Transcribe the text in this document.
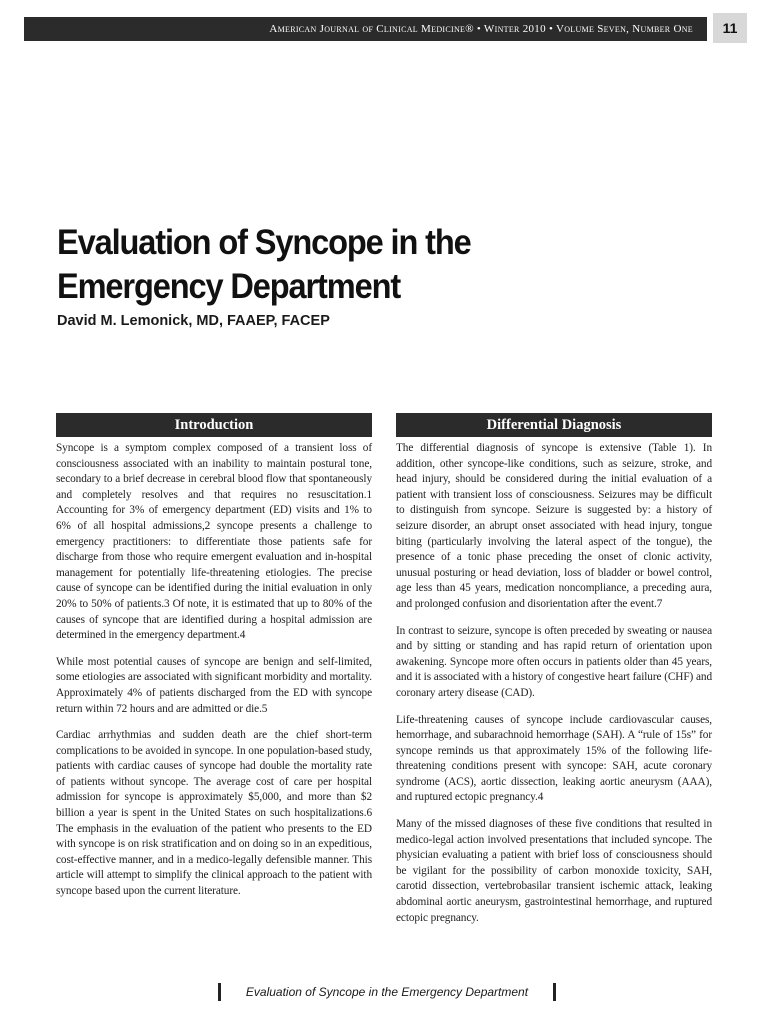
American Journal of Clinical Medicine® • Winter 2010 • Volume Seven, Number One	11
Evaluation of Syncope in the
Emergency Department
David M. Lemonick, MD, FAAEP, FACEP
Introduction

Syncope is a symptom complex composed of a transient loss of consciousness associated with an inability to maintain postural tone, secondary to a brief decrease in cerebral blood flow that spontaneously and completely resolves and that requires no resuscitation.1 Accounting for 3% of emergency department (ED) visits and 1% to 6% of all hospital admissions,2 syncope presents a challenge to emergency practitioners: to differentiate those patients safe for discharge from those who require emergent evaluation and in-hospital management for potentially life-threatening etiologies. The precise cause of syncope can be identified during the initial evaluation in only 20% to 50% of patients.3 Of note, it is estimated that up to 80% of the causes of syncope that are identified during a hospital admission are determined in the emergency department.4

While most potential causes of syncope are benign and self-limited, some etiologies are associated with significant morbidity and mortality. Approximately 4% of patients discharged from the ED with syncope return within 72 hours and are admitted or die.5

Cardiac arrhythmias and sudden death are the chief short-term complications to be avoided in syncope. In one population-based study, patients with cardiac causes of syncope had double the mortality rate of patients without syncope. The average cost of care per hospital admission for syncope is approximately $5,000, and more than $2 billion a year is spent in the United States on such hospitalizations.6 The emphasis in the evaluation of the patient who presents to the ED with syncope is on risk stratification and on doing so in an expeditious, cost-effective manner, and in a medico-legally defensible manner. This article will attempt to simplify the clinical approach to the patient with syncope based upon the current literature.

Differential Diagnosis

The differential diagnosis of syncope is extensive (Table 1). In addition, other syncope-like conditions, such as seizure, stroke, and head injury, should be considered during the initial evaluation of a patient with transient loss of consciousness. Seizures may be difficult to distinguish from syncope. Seizure is suggested by: a history of seizure disorder, an abrupt onset associated with head injury, tongue biting (particularly involving the lateral aspect of the tongue), the presence of a tonic phase preceding the onset of clonic activity, unusual posturing or head deviation, loss of bladder or bowel control, age less than 45 years, medication noncompliance, a preceding aura, and prolonged confusion and disorientation after the event.7

In contrast to seizure, syncope is often preceded by sweating or nausea and by sitting or standing and has rapid return of orientation upon awakening. Syncope more often occurs in patients older than 45 years, and it is associated with a history of congestive heart failure (CHF) and coronary artery disease (CAD).

Life-threatening causes of syncope include cardiovascular causes, hemorrhage, and subarachnoid hemorrhage (SAH). A “rule of 15s” for syncope reminds us that approximately 15% of the following life-threatening conditions present with syncope: SAH, acute coronary syndrome (ACS), aortic dissection, leaking aortic aneurysm (AAA), and ruptured ectopic pregnancy.4

Many of the missed diagnoses of these five conditions that resulted in medico-legal action involved presentations that included syncope. The physician evaluating a patient with brief loss of consciousness should be vigilant for the possibility of carbon monoxide toxicity, SAH, carotid dissection, vertebrobasilar transient ischemic attack, leaking abdominal aortic aneurysm, gastrointestinal hemorrhage, and ruptured ectopic pregnancy.

Evaluation of Syncope in the Emergency Department
